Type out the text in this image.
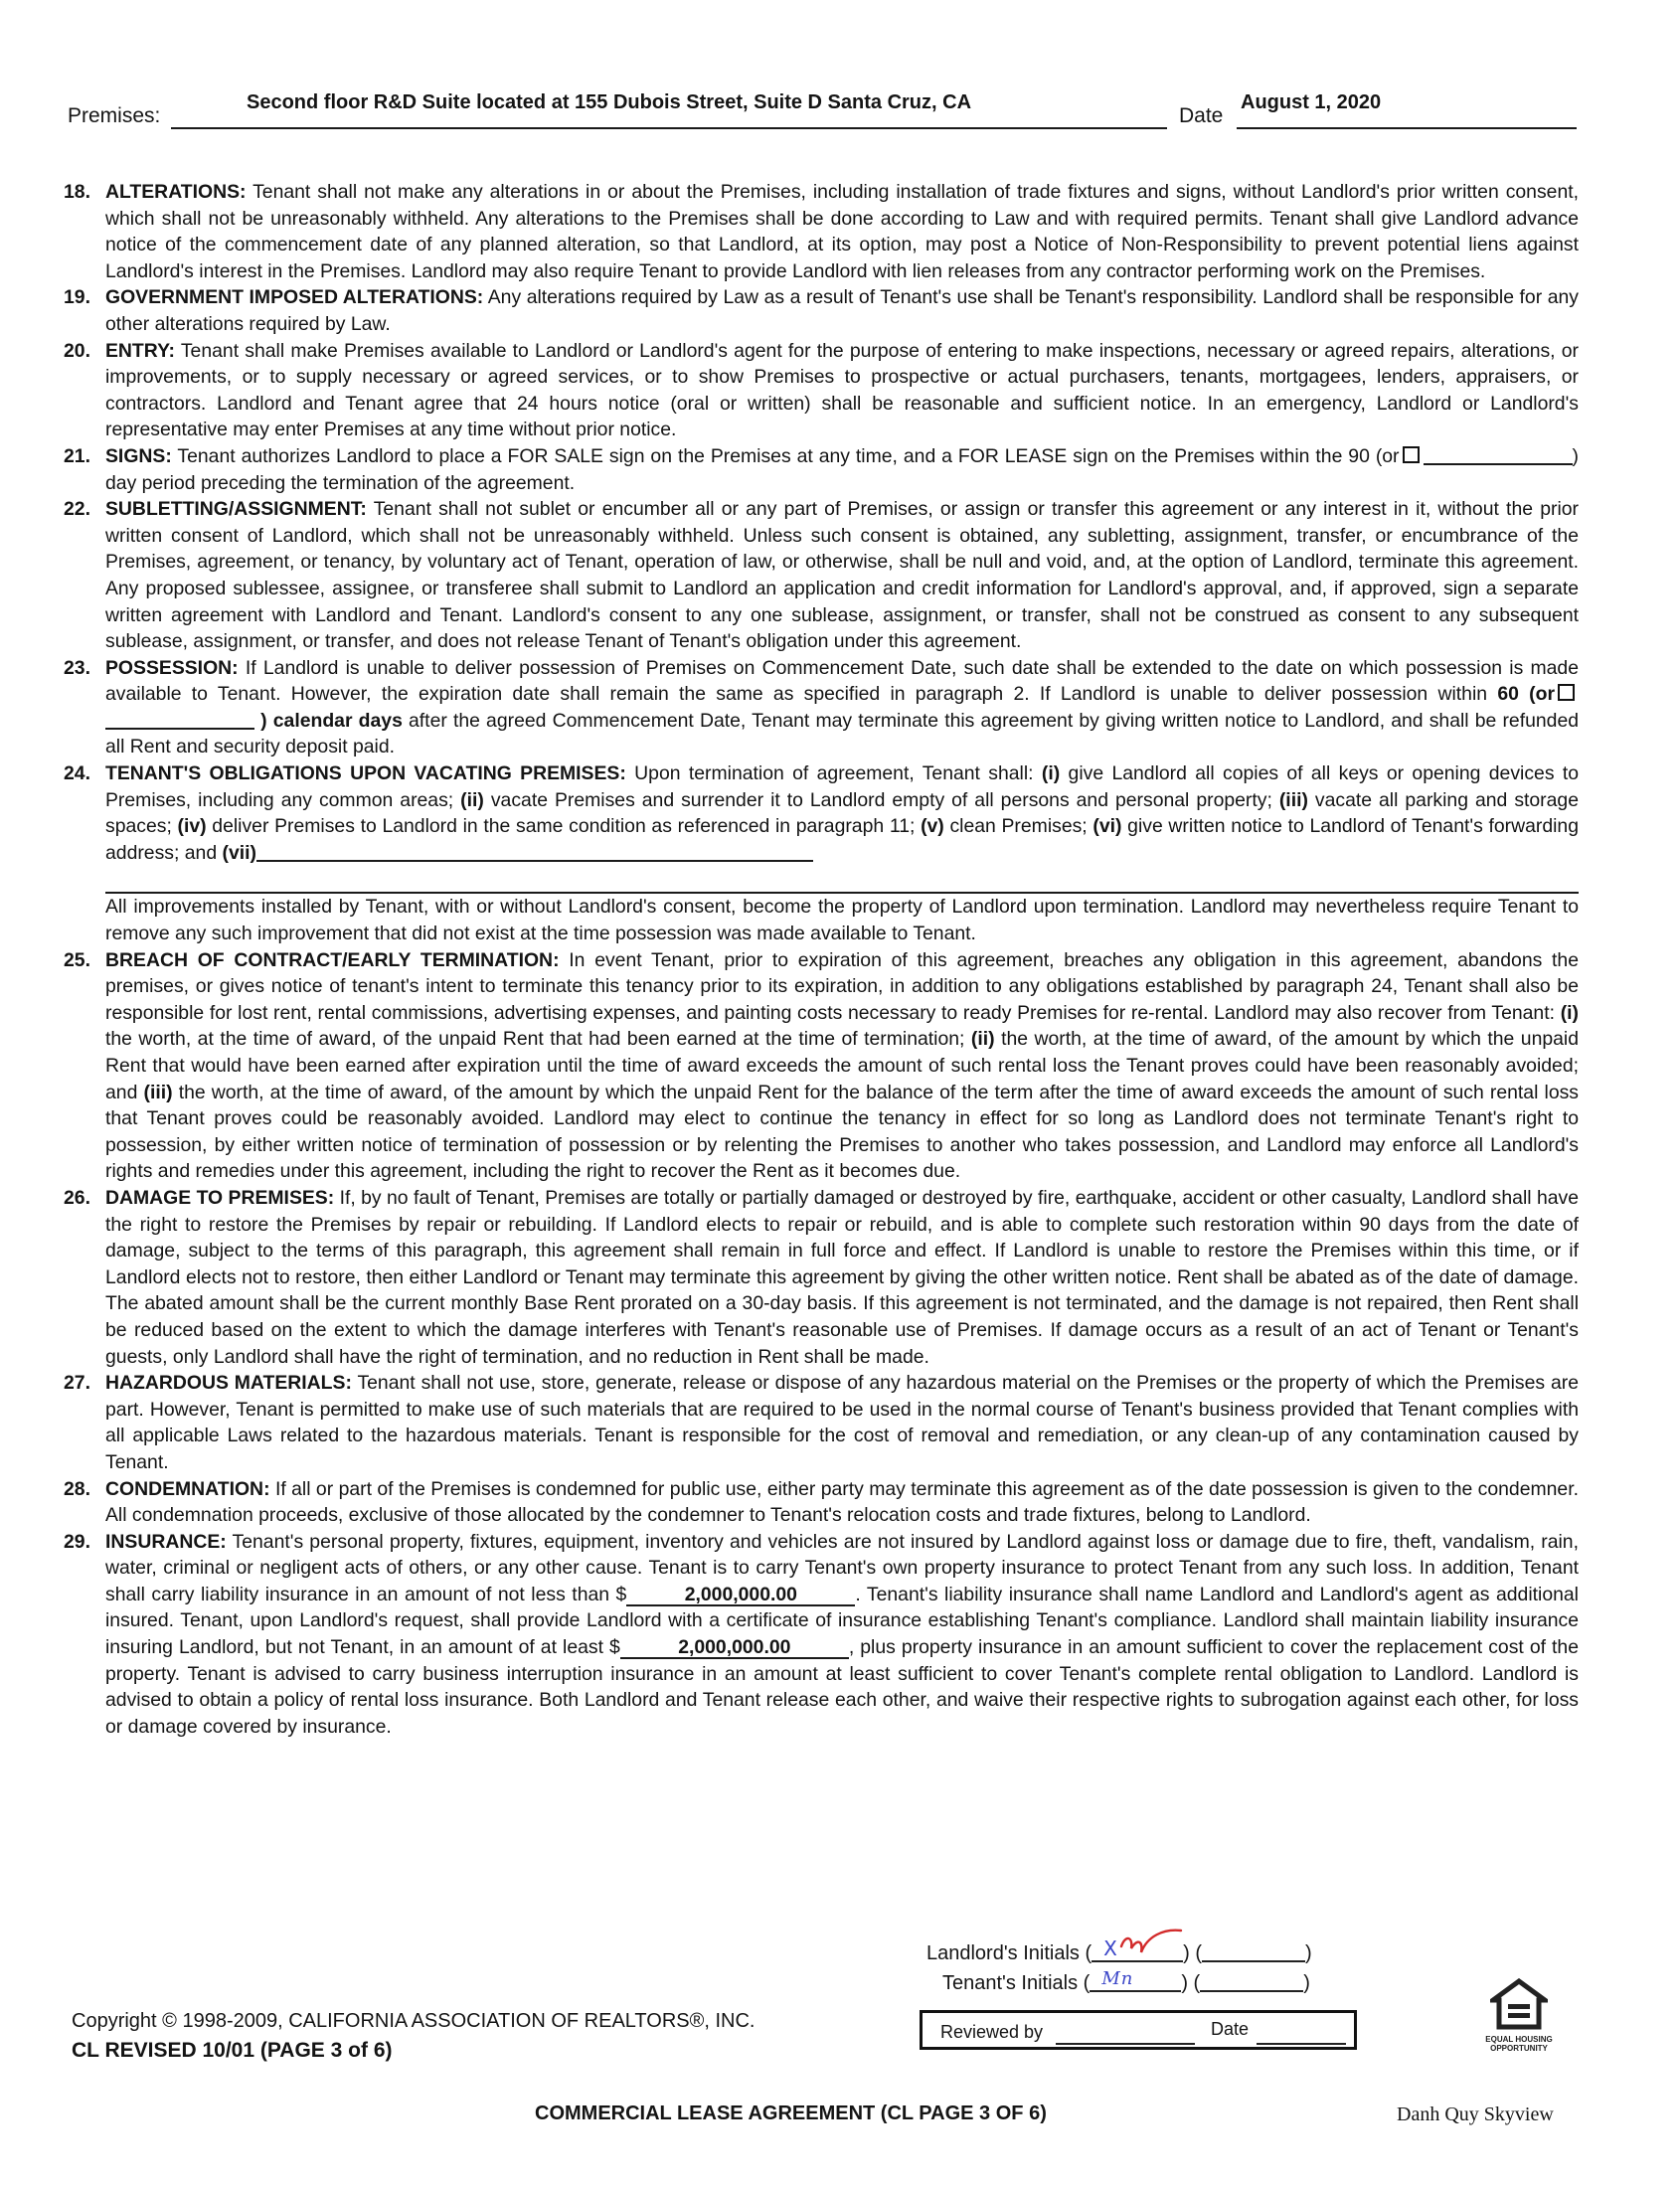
Premises:
Second floor R&D Suite located at 155 Dubois Street, Suite D Santa Cruz, CA
Date
August 1, 2020
18. ALTERATIONS: Tenant shall not make any alterations in or about the Premises, including installation of trade fixtures and signs, without Landlord's prior written consent, which shall not be unreasonably withheld. Any alterations to the Premises shall be done according to Law and with required permits. Tenant shall give Landlord advance notice of the commencement date of any planned alteration, so that Landlord, at its option, may post a Notice of Non-Responsibility to prevent potential liens against Landlord's interest in the Premises. Landlord may also require Tenant to provide Landlord with lien releases from any contractor performing work on the Premises.
19. GOVERNMENT IMPOSED ALTERATIONS: Any alterations required by Law as a result of Tenant's use shall be Tenant's responsibility. Landlord shall be responsible for any other alterations required by Law.
20. ENTRY: Tenant shall make Premises available to Landlord or Landlord's agent for the purpose of entering to make inspections, necessary or agreed repairs, alterations, or improvements, or to supply necessary or agreed services, or to show Premises to prospective or actual purchasers, tenants, mortgagees, lenders, appraisers, or contractors. Landlord and Tenant agree that 24 hours notice (oral or written) shall be reasonable and sufficient notice. In an emergency, Landlord or Landlord's representative may enter Premises at any time without prior notice.
21. SIGNS: Tenant authorizes Landlord to place a FOR SALE sign on the Premises at any time, and a FOR LEASE sign on the Premises within the 90 (or	) day period preceding the termination of the agreement.
22. SUBLETTING/ASSIGNMENT: Tenant shall not sublet or encumber all or any part of Premises, or assign or transfer this agreement or any interest in it, without the prior written consent of Landlord, which shall not be unreasonably withheld. Unless such consent is obtained, any subletting, assignment, transfer, or encumbrance of the Premises, agreement, or tenancy, by voluntary act of Tenant, operation of law, or otherwise, shall be null and void, and, at the option of Landlord, terminate this agreement. Any proposed sublessee, assignee, or transferee shall submit to Landlord an application and credit information for Landlord's approval, and, if approved, sign a separate written agreement with Landlord and Tenant. Landlord's consent to any one sublease, assignment, or transfer, shall not be construed as consent to any subsequent sublease, assignment, or transfer, and does not release Tenant of Tenant's obligation under this agreement.
23. POSSESSION: If Landlord is unable to deliver possession of Premises on Commencement Date, such date shall be extended to the date on which possession is made available to Tenant. However, the expiration date shall remain the same as specified in paragraph 2. If Landlord is unable to deliver possession within 60 (or ) calendar days after the agreed Commencement Date, Tenant may terminate this agreement by giving written notice to Landlord, and shall be refunded all Rent and security deposit paid.
24. TENANT'S OBLIGATIONS UPON VACATING PREMISES: Upon termination of agreement, Tenant shall: (i) give Landlord all copies of all keys or opening devices to Premises, including any common areas; (ii) vacate Premises and surrender it to Landlord empty of all persons and personal property; (iii) vacate all parking and storage spaces; (iv) deliver Premises to Landlord in the same condition as referenced in paragraph 11; (v) clean Premises; (vi) give written notice to Landlord of Tenant's forwarding address; and (vii)
All improvements installed by Tenant, with or without Landlord's consent, become the property of Landlord upon termination. Landlord may nevertheless require Tenant to remove any such improvement that did not exist at the time possession was made available to Tenant.
25. BREACH OF CONTRACT/EARLY TERMINATION: In event Tenant, prior to expiration of this agreement, breaches any obligation in this agreement, abandons the premises, or gives notice of tenant's intent to terminate this tenancy prior to its expiration, in addition to any obligations established by paragraph 24, Tenant shall also be responsible for lost rent, rental commissions, advertising expenses, and painting costs necessary to ready Premises for re-rental. Landlord may also recover from Tenant: (i) the worth, at the time of award, of the unpaid Rent that had been earned at the time of termination; (ii) the worth, at the time of award, of the amount by which the unpaid Rent that would have been earned after expiration until the time of award exceeds the amount of such rental loss the Tenant proves could have been reasonably avoided; and (iii) the worth, at the time of award, of the amount by which the unpaid Rent for the balance of the term after the time of award exceeds the amount of such rental loss that Tenant proves could be reasonably avoided. Landlord may elect to continue the tenancy in effect for so long as Landlord does not terminate Tenant's right to possession, by either written notice of termination of possession or by relenting the Premises to another who takes possession, and Landlord may enforce all Landlord's rights and remedies under this agreement, including the right to recover the Rent as it becomes due.
26. DAMAGE TO PREMISES: If, by no fault of Tenant, Premises are totally or partially damaged or destroyed by fire, earthquake, accident or other casualty, Landlord shall have the right to restore the Premises by repair or rebuilding. If Landlord elects to repair or rebuild, and is able to complete such restoration within 90 days from the date of damage, subject to the terms of this paragraph, this agreement shall remain in full force and effect. If Landlord is unable to restore the Premises within this time, or if Landlord elects not to restore, then either Landlord or Tenant may terminate this agreement by giving the other written notice. Rent shall be abated as of the date of damage. The abated amount shall be the current monthly Base Rent prorated on a 30-day basis. If this agreement is not terminated, and the damage is not repaired, then Rent shall be reduced based on the extent to which the damage interferes with Tenant's reasonable use of Premises. If damage occurs as a result of an act of Tenant or Tenant's guests, only Landlord shall have the right of termination, and no reduction in Rent shall be made.
27. HAZARDOUS MATERIALS: Tenant shall not use, store, generate, release or dispose of any hazardous material on the Premises or the property of which the Premises are part. However, Tenant is permitted to make use of such materials that are required to be used in the normal course of Tenant's business provided that Tenant complies with all applicable Laws related to the hazardous materials. Tenant is responsible for the cost of removal and remediation, or any clean-up of any contamination caused by Tenant.
28. CONDEMNATION: If all or part of the Premises is condemned for public use, either party may terminate this agreement as of the date possession is given to the condemner. All condemnation proceeds, exclusive of those allocated by the condemner to Tenant's relocation costs and trade fixtures, belong to Landlord.
29. INSURANCE: Tenant's personal property, fixtures, equipment, inventory and vehicles are not insured by Landlord against loss or damage due to fire, theft, vandalism, rain, water, criminal or negligent acts of others, or any other cause. Tenant is to carry Tenant's own property insurance to protect Tenant from any such loss. In addition, Tenant shall carry liability insurance in an amount of not less than $	2,000,000.00	. Tenant's liability insurance shall name Landlord and Landlord's agent as additional insured. Tenant, upon Landlord's request, shall provide Landlord with a certificate of insurance establishing Tenant's compliance. Landlord shall maintain liability insurance insuring Landlord, but not Tenant, in an amount of at least $	2,000,000.00	, plus property insurance in an amount sufficient to cover the replacement cost of the property. Tenant is advised to carry business interruption insurance in an amount at least sufficient to cover Tenant's complete rental obligation to Landlord. Landlord is advised to obtain a policy of rental loss insurance. Both Landlord and Tenant release each other, and waive their respective rights to subrogation against each other, for loss or damage covered by insurance.
Landlord's Initials ( X	) (	)
Tenant's Initials ( Mn ) (	)
Reviewed by	Date
Copyright © 1998-2009, CALIFORNIA ASSOCIATION OF REALTORS®, INC.
CL REVISED 10/01 (PAGE 3 of 6)
COMMERCIAL LEASE AGREEMENT (CL PAGE 3 OF 6)	Danh Quy Skyview
EQUAL HOUSING
OPPORTUNITY
